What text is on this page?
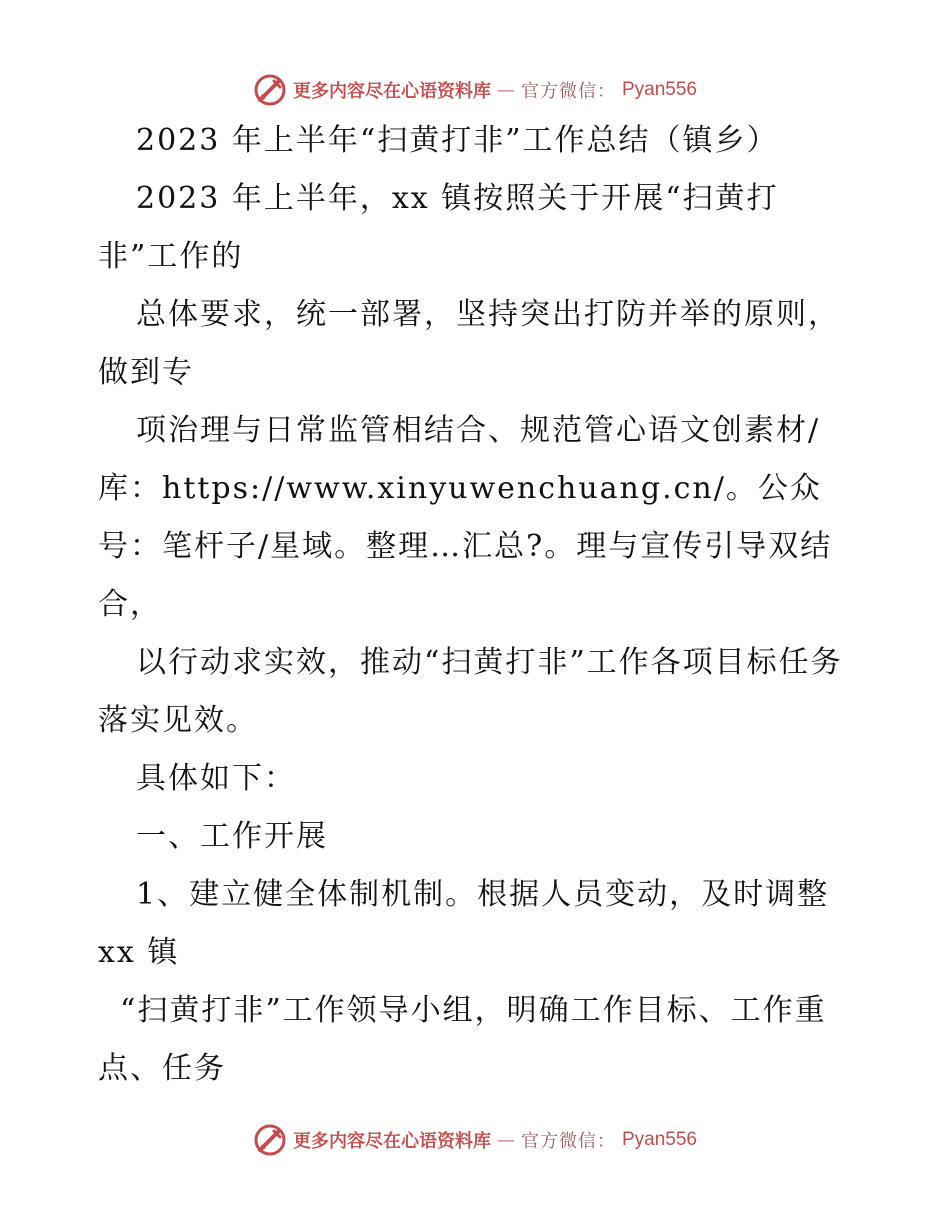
更多内容尽在心语资料库 — 官方微信： Pyan556

2023 年上半年“扫黄打非”工作总结（镇乡）

2023 年上半年，xx 镇按照关于开展“扫黄打非”工作的

总体要求，统一部署，坚持突出打防并举的原则，做到专

项治理与日常监管相结合、规范管心语文创素材/库：https://www.xinyuwenchuang.cn/。公众号：笔杆子/星域。整理…汇总?。理与宣传引导双结合，

以行动求实效，推动“扫黄打非”工作各项目标任务落实见效。

具体如下：

一、工作开展

1、建立健全体制机制。根据人员变动，及时调整 xx 镇

“扫黄打非”工作领导小组，明确工作目标、工作重点、任务

更多内容尽在心语资料库 — 官方微信： Pyan556
